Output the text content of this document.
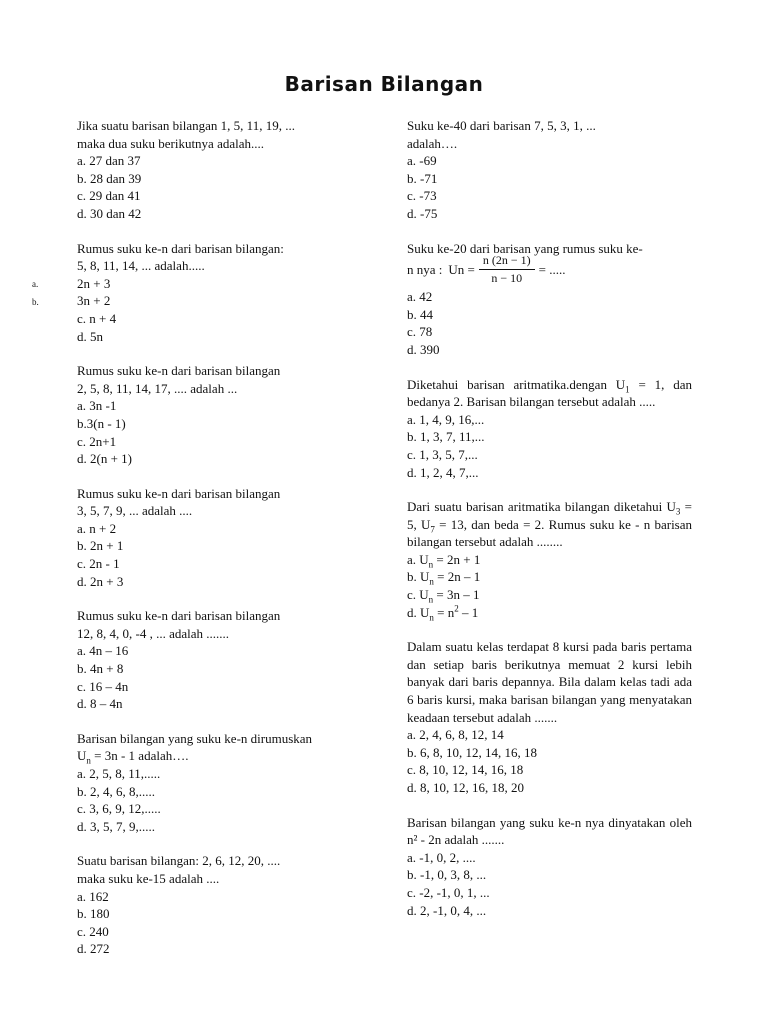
Barisan Bilangan
a.
b.
Jika suatu barisan bilangan 1, 5, 11, 19, ...
maka dua suku berikutnya adalah....
a. 27 dan 37
b. 28 dan 39
c. 29 dan 41
d. 30 dan 42
Rumus suku ke-n dari barisan bilangan:
5, 8, 11, 14, ... adalah.....
2n + 3
3n + 2
c. n + 4
d. 5n
Rumus suku ke-n dari barisan bilangan
2, 5, 8, 11, 14, 17, .... adalah ...
a. 3n -1
b.3(n - 1)
c. 2n+1
d. 2(n + 1)
Rumus suku ke-n dari barisan bilangan
3, 5, 7, 9, ... adalah ....
a. n + 2
b. 2n + 1
c. 2n - 1
d. 2n + 3
Rumus suku ke-n dari barisan bilangan
12, 8, 4, 0, -4 , ... adalah .......
a. 4n – 16
b. 4n + 8
c. 16 – 4n
d. 8 – 4n
Barisan bilangan yang suku ke-n dirumuskan
$U_n = 3n - 1$ adalah….
a. 2, 5, 8, 11,.....
b. 2, 4, 6, 8,.....
c. 3, 6, 9, 12,.....
d. 3, 5, 7, 9,.....
Suatu barisan bilangan: 2, 6, 12, 20, ....
maka suku ke-15 adalah ....
a. 162
b. 180
c. 240
d. 272
Suku ke-40 dari barisan 7, 5, 3, 1, ...
adalah….
a. -69
b. -71
c. -73
d. -75
Suku ke-20 dari barisan yang rumus suku ke-
n nya : $Un = \frac{n (2n - 1)}{n - 10}$ = .....
a. 42
b. 44
c. 78
d. 390
Diketahui barisan aritmatika.dengan $U_1 = 1$, dan bedanya 2. Barisan bilangan tersebut adalah .....
a. 1, 4, 9, 16,...
b. 1, 3, 7, 11,...
c. 1, 3, 5, 7,...
d. 1, 2, 4, 7,...
Dari suatu barisan aritmatika bilangan diketahui $U_3 = 5$, $U_7 = 13$, dan beda = 2. Rumus suku ke - n barisan bilangan tersebut adalah ........
a. $U_n = 2n + 1$
b. $U_n = 2n - 1$
c. $U_n = 3n - 1$
d. $U_n = n^2 - 1$
Dalam suatu kelas terdapat 8 kursi pada baris pertama dan setiap baris berikutnya memuat 2 kursi lebih banyak dari baris depannya. Bila dalam kelas tadi ada 6 baris kursi, maka barisan bilangan yang menyatakan keadaan tersebut adalah .......
a. 2, 4, 6, 8, 12, 14
b. 6, 8, 10, 12, 14, 16, 18
c. 8, 10, 12, 14, 16, 18
d. 8, 10, 12, 16, 18, 20
Barisan bilangan yang suku ke-n nya dinyatakan oleh n² - 2n adalah .......
a. -1, 0, 2, ....
b. -1, 0, 3, 8, ...
c. -2, -1, 0, 1, ...
d. 2, -1, 0, 4, ...
